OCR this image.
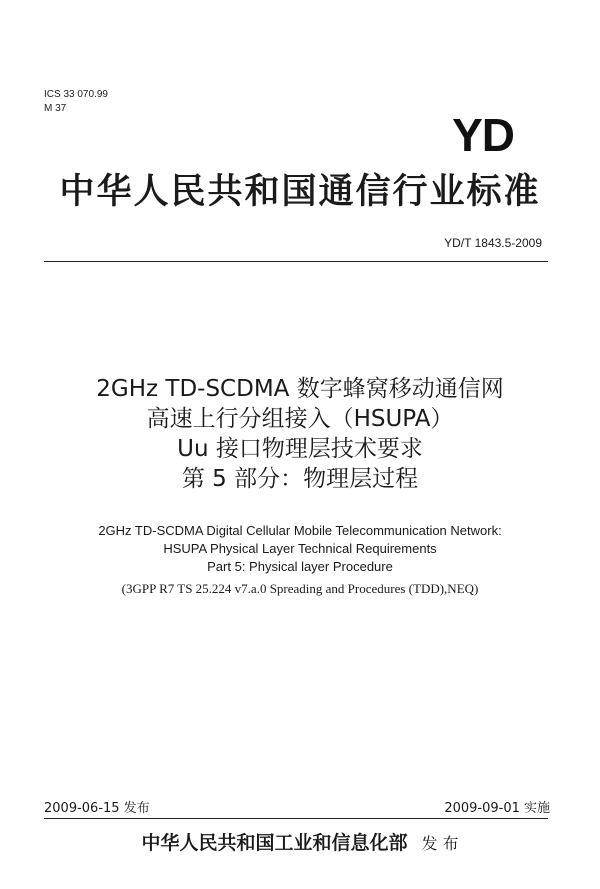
ICS 33 070.99
M 37
YD
中华人民共和国通信行业标准
YD/T 1843.5-2009
2GHz TD-SCDMA 数字蜂窝移动通信网
高速上行分组接入（HSUPA）
Uu 接口物理层技术要求
第 5 部分：物理层过程
2GHz TD-SCDMA Digital Cellular Mobile Telecommunication Network:
HSUPA Physical Layer Technical Requirements
Part 5: Physical layer Procedure
(3GPP R7 TS 25.224 v7.a.0 Spreading and Procedures (TDD),NEQ)
2009-06-15 发布	2009-09-01 实施
中华人民共和国工业和信息化部 发 布
